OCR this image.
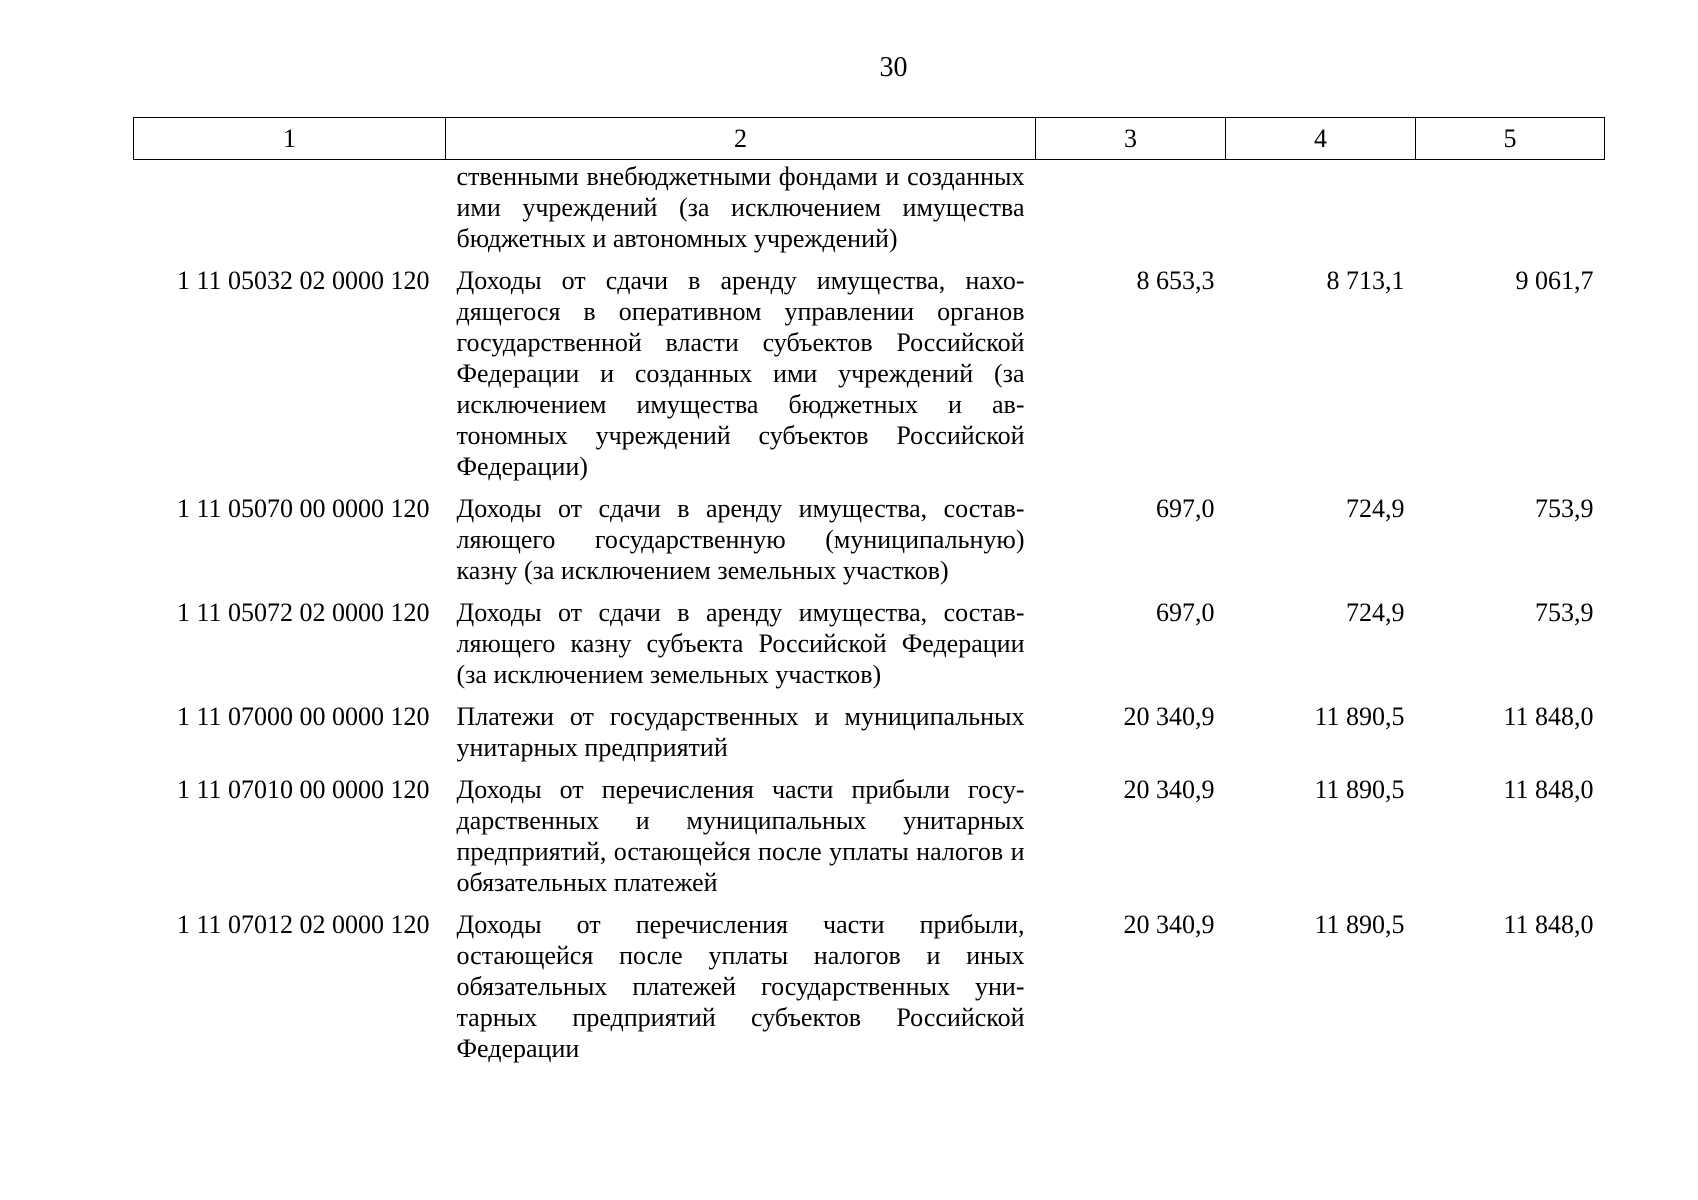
30
1	2	3	4	5
	ственными внебюджетными фондами и созданных ими учреждений (за исключением имущества бюджетных и автономных учреждений)			
1 11 05032 02 0000 120	Доходы от сдачи в аренду имущества, находящегося в оперативном управлении органов государственной власти субъектов Российской Федерации и созданных ими учреждений (за исключением имущества бюджетных и автономных учреждений субъектов Российской Федерации)	8 653,3	8 713,1	9 061,7
1 11 05070 00 0000 120	Доходы от сдачи в аренду имущества, составляющего государственную (муниципальную) казну (за исключением земельных участков)	697,0	724,9	753,9
1 11 05072 02 0000 120	Доходы от сдачи в аренду имущества, составляющего казну субъекта Российской Федерации (за исключением земельных участков)	697,0	724,9	753,9
1 11 07000 00 0000 120	Платежи от государственных и муниципальных унитарных предприятий	20 340,9	11 890,5	11 848,0
1 11 07010 00 0000 120	Доходы от перечисления части прибыли государственных и муниципальных унитарных предприятий, остающейся после уплаты налогов и обязательных платежей	20 340,9	11 890,5	11 848,0
1 11 07012 02 0000 120	Доходы от перечисления части прибыли, остающейся после уплаты налогов и иных обязательных платежей государственных унитарных предприятий субъектов Российской Федерации	20 340,9	11 890,5	11 848,0
